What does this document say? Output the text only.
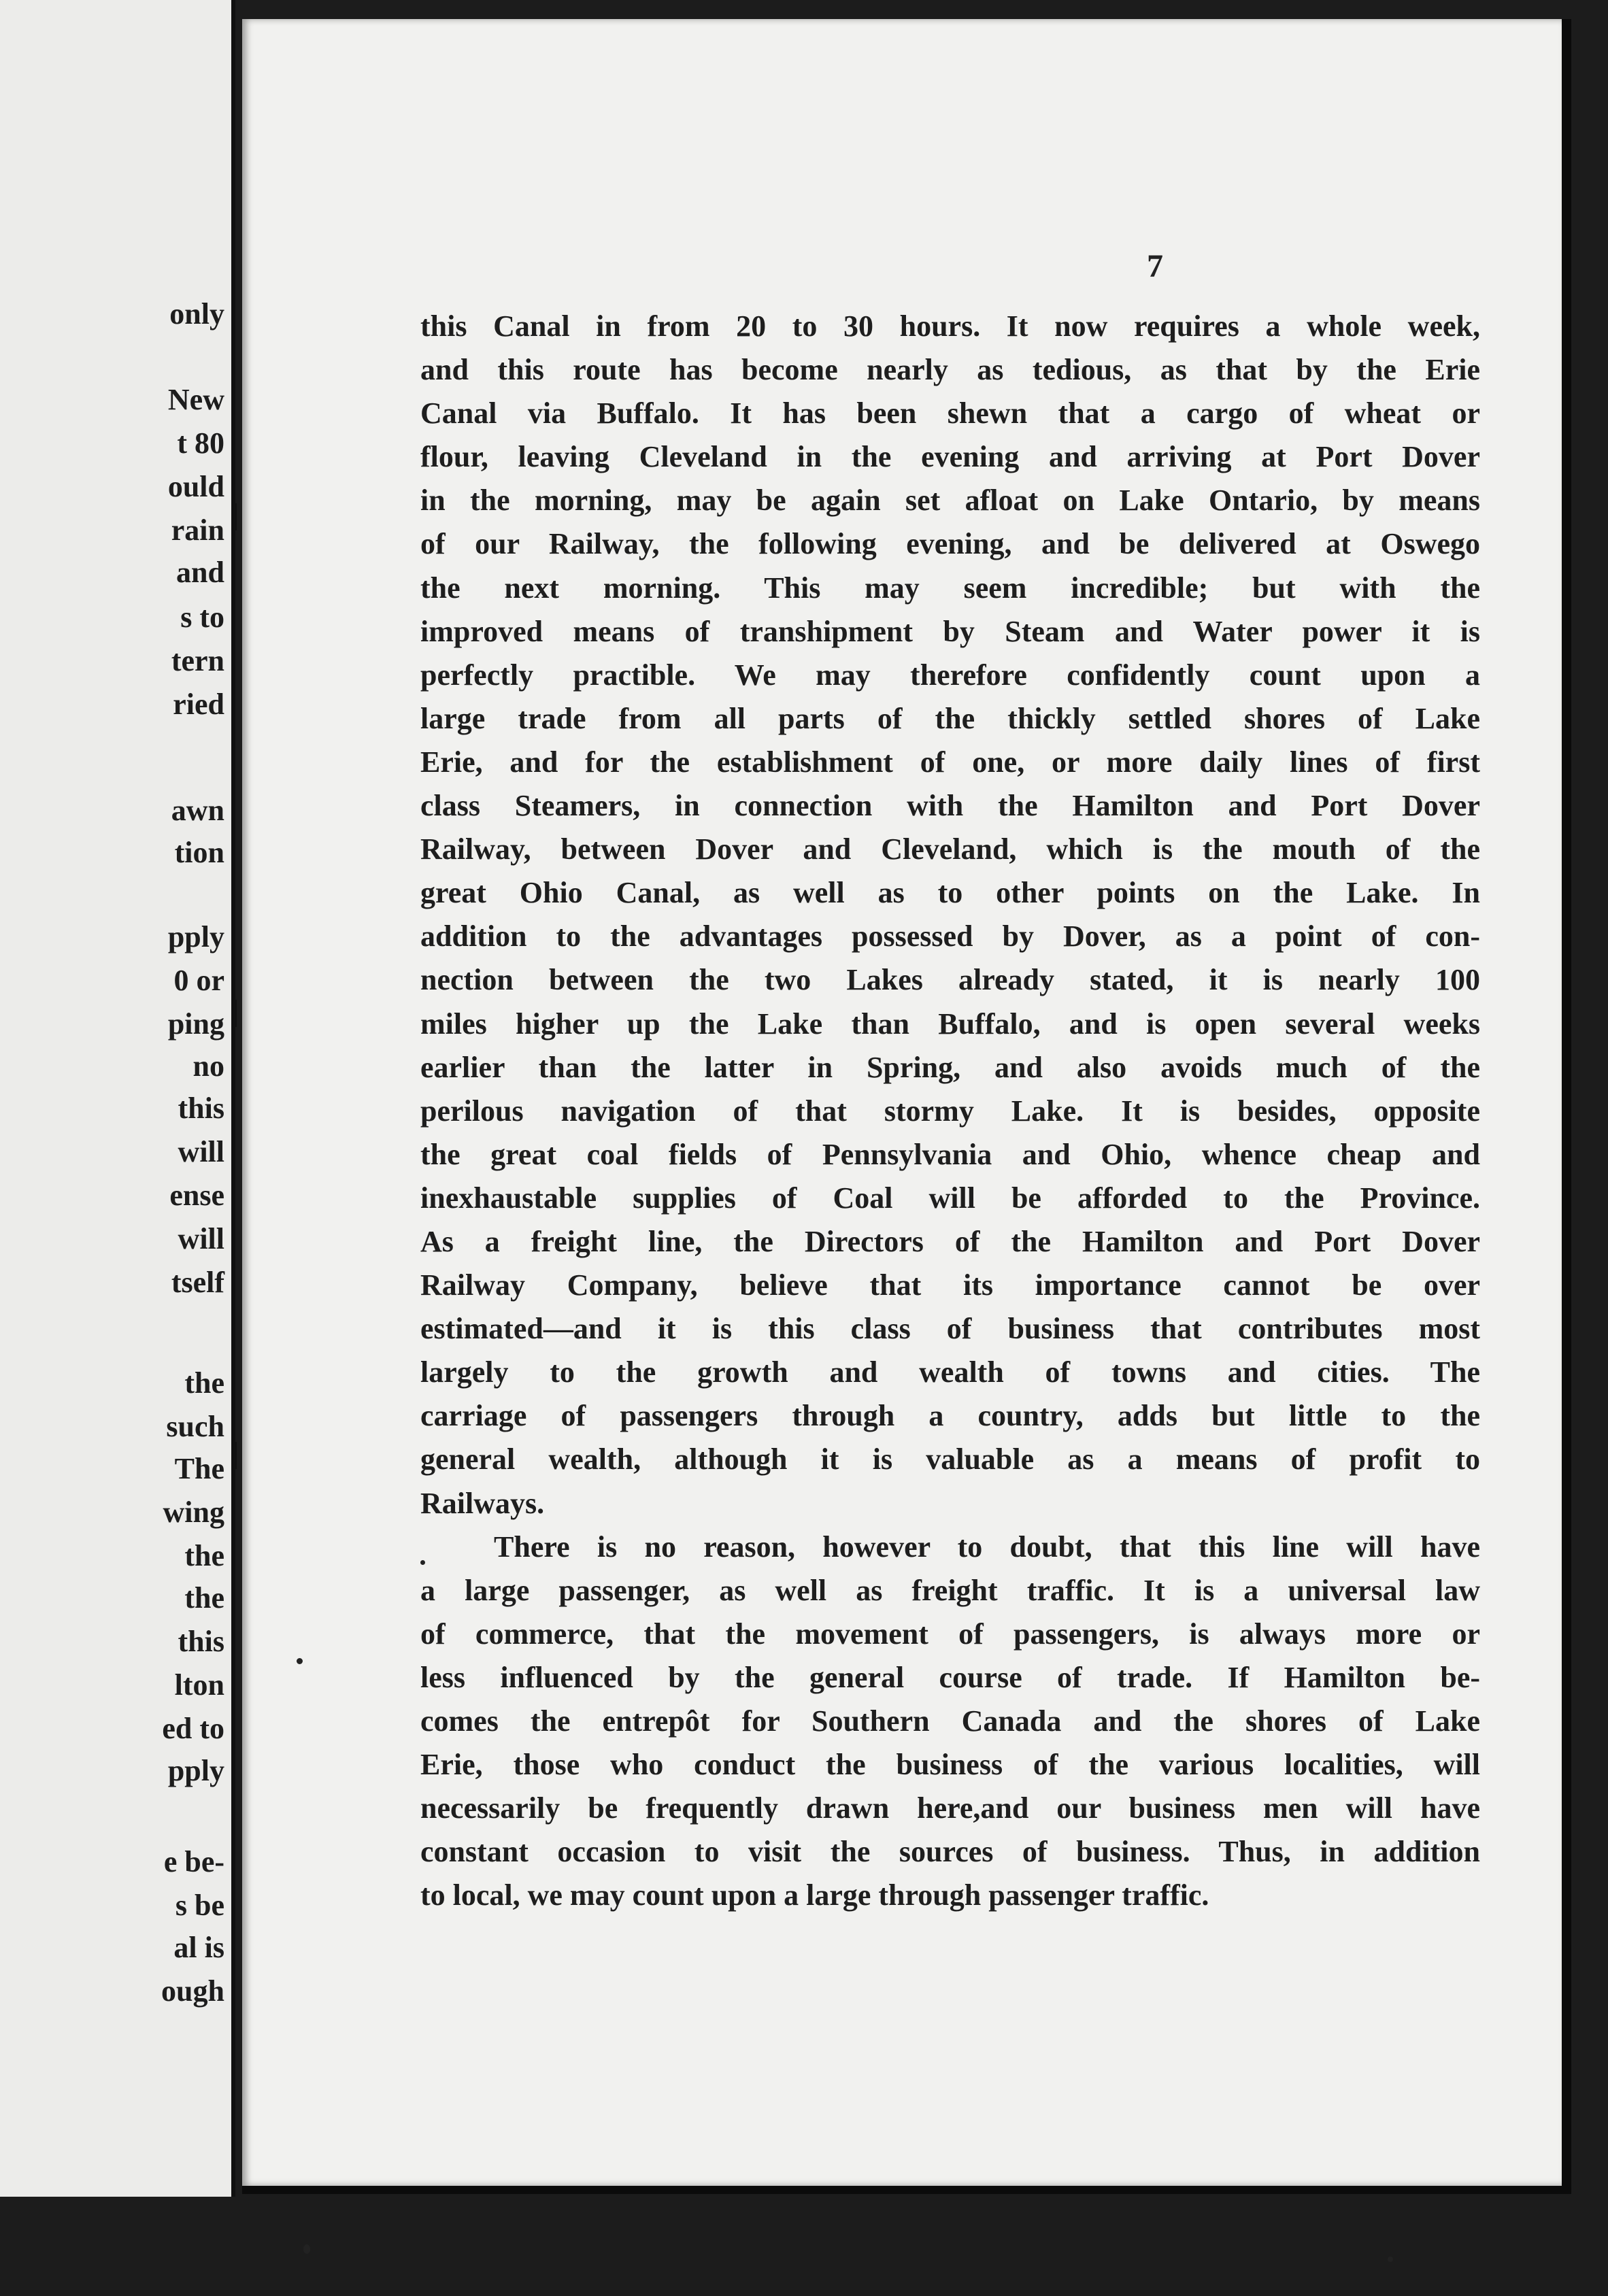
only
New
t 80
ould
rain
and
s to
tern
ried
awn
tion
pply
0 or
ping
no
this
will
ense
will
tself
the
such
The
wing
the
the
this
lton
ed to
pply
e be-
s be
al is
ough
7
this Canal in from 20 to 30 hours. It now requires a whole week,
and this route has become nearly as tedious, as that by the Erie
Canal via Buffalo. It has been shewn that a cargo of wheat or
flour, leaving Cleveland in the evening and arriving at Port Dover
in the morning, may be again set afloat on Lake Ontario, by means
of our Railway, the following evening, and be delivered at Oswego
the next morning. This may seem incredible; but with the
improved means of transhipment by Steam and Water power it is
perfectly practible. We may therefore confidently count upon a
large trade from all parts of the thickly settled shores of Lake
Erie, and for the establishment of one, or more daily lines of first
class Steamers, in connection with the Hamilton and Port Dover
Railway, between Dover and Cleveland, which is the mouth of the
great Ohio Canal, as well as to other points on the Lake. In
addition to the advantages possessed by Dover, as a point of con-
nection between the two Lakes already stated, it is nearly 100
miles higher up the Lake than Buffalo, and is open several weeks
earlier than the latter in Spring, and also avoids much of the
perilous navigation of that stormy Lake. It is besides, opposite
the great coal fields of Pennsylvania and Ohio, whence cheap and
inexhaustable supplies of Coal will be afforded to the Province.
As a freight line, the Directors of the Hamilton and Port Dover
Railway Company, believe that its importance cannot be over
estimated—and it is this class of business that contributes most
largely to the growth and wealth of towns and cities. The
carriage of passengers through a country, adds but little to the
general wealth, although it is valuable as a means of profit to
Railways.
There is no reason, however to doubt, that this line will have
a large passenger, as well as freight traffic. It is a universal law
of commerce, that the movement of passengers, is always more or
less influenced by the general course of trade. If Hamilton be-
comes the entrepôt for Southern Canada and the shores of Lake
Erie, those who conduct the business of the various localities, will
necessarily be frequently drawn here,and our business men will have
constant occasion to visit the sources of business. Thus, in addition
to local, we may count upon a large through passenger traffic.
